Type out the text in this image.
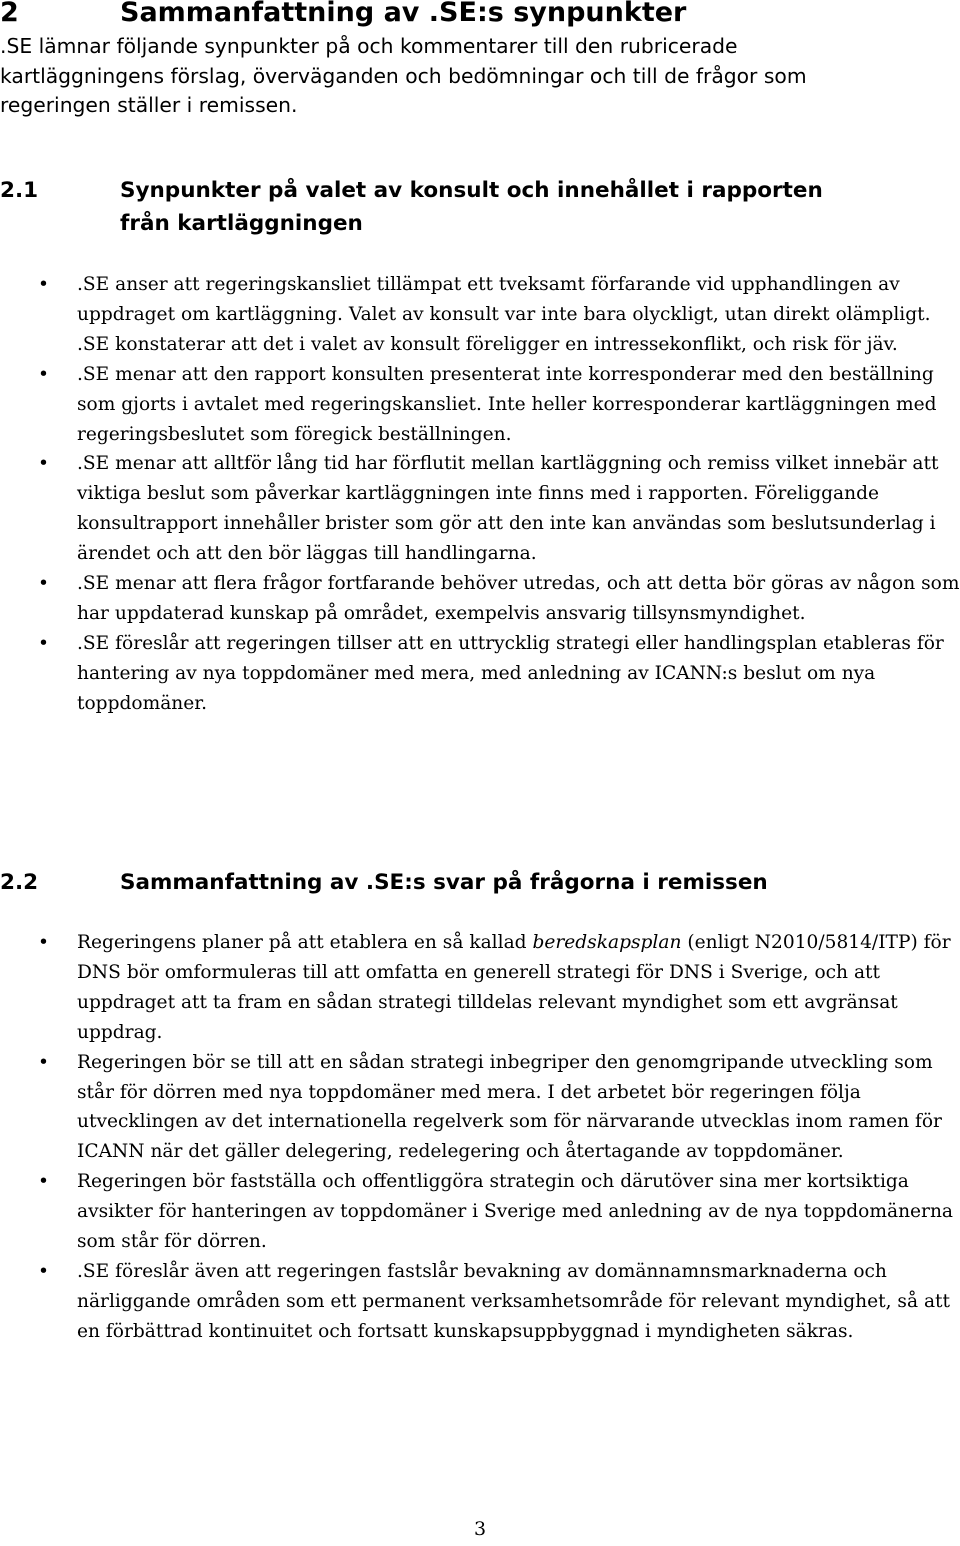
2	Sammanfattning av .SE:s synpunkter
.SE lämnar följande synpunkter på och kommentarer till den rubricerade kartläggningens förslag, överväganden och bedömningar och till de frågor som regeringen ställer i remissen.
2.1	Synpunkter på valet av konsult och innehållet i rapporten från kartläggningen
• .SE anser att regeringskansliet tillämpat ett tveksamt förfarande vid upphandlingen av uppdraget om kartläggning. Valet av konsult var inte bara olyckligt, utan direkt olämpligt. .SE konstaterar att det i valet av konsult föreligger en intressekonflikt, och risk för jäv.
• .SE menar att den rapport konsulten presenterat inte korresponderar med den beställning som gjorts i avtalet med regeringskansliet. Inte heller korresponderar kartläggningen med regeringsbeslutet som föregick beställningen.
• .SE menar att alltför lång tid har förflutit mellan kartläggning och remiss vilket innebär att viktiga beslut som påverkar kartläggningen inte finns med i rapporten. Föreliggande konsultrapport innehåller brister som gör att den inte kan användas som beslutsunderlag i ärendet och att den bör läggas till handlingarna.
• .SE menar att flera frågor fortfarande behöver utredas, och att detta bör göras av någon som har uppdaterad kunskap på området, exempelvis ansvarig tillsynsmyndighet.
• .SE föreslår att regeringen tillser att en uttrycklig strategi eller handlingsplan etableras för hantering av nya toppdomäner med mera, med anledning av ICANN:s beslut om nya toppdomäner.
2.2	Sammanfattning av .SE:s svar på frågorna i remissen
• Regeringens planer på att etablera en så kallad beredskapsplan (enligt N2010/5814/ITP) för DNS bör omformuleras till att omfatta en generell strategi för DNS i Sverige, och att uppdraget att ta fram en sådan strategi tilldelas relevant myndighet som ett avgränsat uppdrag.
• Regeringen bör se till att en sådan strategi inbegriper den genomgripande utveckling som står för dörren med nya toppdomäner med mera. I det arbetet bör regeringen följa utvecklingen av det internationella regelverk som för närvarande utvecklas inom ramen för ICANN när det gäller delegering, redelegering och återtagande av toppdomäner.
• Regeringen bör fastställa och offentliggöra strategin och därutöver sina mer kortsiktiga avsikter för hanteringen av toppdomäner i Sverige med anledning av de nya toppdomänerna som står för dörren.
• .SE föreslår även att regeringen fastslår bevakning av domännamnsmarknaderna och närliggande områden som ett permanent verksamhetsområde för relevant myndighet, så att en förbättrad kontinuitet och fortsatt kunskapsuppbyggnad i myndigheten säkras.
3
